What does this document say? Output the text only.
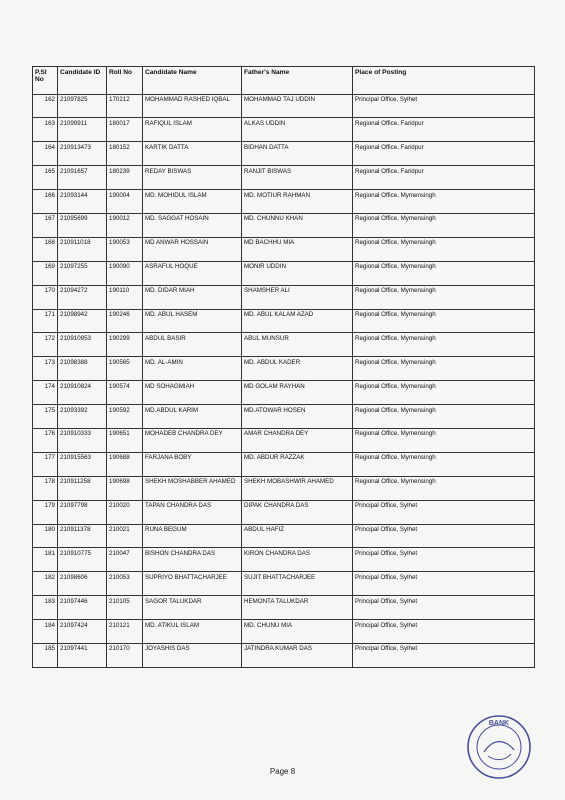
P.Sl No	Candidate ID	Roll No	Candidate Name	Father's Name	Place of Posting
162	21097825	170212	MOHAMMAD RASHED IQBAL	MOHAMMAD TAJ UDDIN	Principal Office, Sylhet
163	21099911	180017	RAFIQUL ISLAM	ALKAS UDDIN	Regional Office, Faridpur
164	210913473	180152	KARTIK DATTA	BIDHAN DATTA	Regional Office, Faridpur
165	21091657	180239	REDAY BISWAS	RANJIT BISWAS	Regional Office, Faridpur
166	21093144	190004	MD. MOHIDUL ISLAM	MD. MOTIUR RAHMAN	Regional Office, Mymensingh
167	21095699	190012	MD. SAGGAT HOSAIN	MD. CHUNNU KHAN	Regional Office, Mymensingh
168	210911018	190053	MD ANWAR HOSSAIN	MD BACHHU MIA	Regional Office, Mymensingh
169	21097255	190090	ASRAFUL HOQUE	MONIR UDDIN	Regional Office, Mymensingh
170	21094272	190110	MD. DIDAR MIAH	SHAMSHER ALI	Regional Office, Mymensingh
171	21098942	190246	MD. ABUL HASEM	MD. ABUL KALAM AZAD	Regional Office, Mymensingh
172	210910953	190299	ABDUL BASIR	ABUL MUNSUR	Regional Office, Mymensingh
173	21098388	190565	MD. AL-AMIN	MD. ABDUL KADER	Regional Office, Mymensingh
174	210910824	190574	MD SOHAGMIAH	MD GOLAM RAYHAN	Regional Office, Mymensingh
175	21093392	190592	MD.ABDUL KARIM	MD.ATOWAR HOSEN	Regional Office, Mymensingh
176	210910333	190651	MOHADEB CHANDRA DEY	AMAR CHANDRA DEY	Regional Office, Mymensingh
177	210915563	190688	FARJANA BOBY	MD. ABDUR RAZZAK	Regional Office, Mymensingh
178	210911258	190698	SHEKH MOSHABBER AHAMED	SHEKH MOBASHWIR AHAMED	Regional Office, Mymensingh
179	21097798	210020	TAPAN CHANDRA DAS	DIPAK CHANDRA DAS	Principal Office, Sylhet
180	210911378	210021	RUNA BEGUM	ABDUL HAFIZ	Principal Office, Sylhet
181	210910775	210047	BISHON CHANDRA DAS	KIRON CHANDRA DAS	Principal Office, Sylhet
182	21098606	210053	SUPRIYO BHATTACHARJEE	SUJIT BHATTACHARJEE	Principal Office, Sylhet
183	21097446	210105	SAGOR TALUKDAR	HEMONTA TALUKDAR	Principal Office, Sylhet
184	21097424	210121	MD. ATIKUL ISLAM	MD. CHUNU MIA	Principal Office, Sylhet
185	21097441	210170	JOYASHIS DAS	JATINDRA KUMAR DAS	Principal Office, Sylhet
BANK
Page 8
